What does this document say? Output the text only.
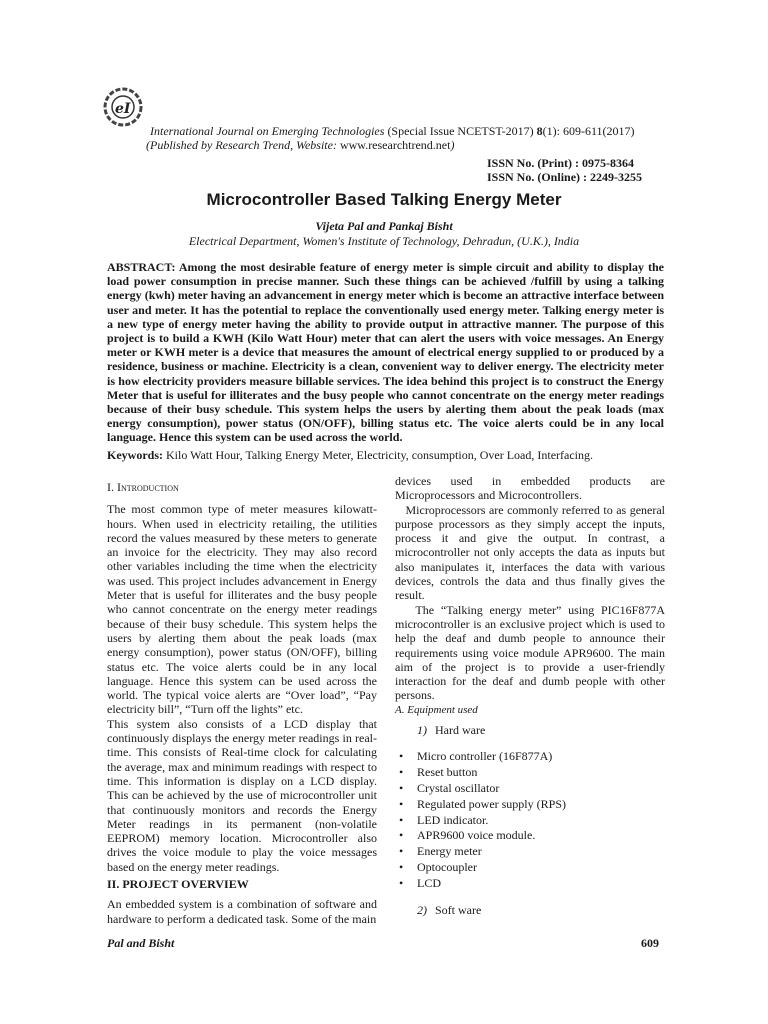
eI
International Journal on Emerging Technologies (Special Issue NCETST-2017) 8(1): 609-611(2017)
(Published by Research Trend, Website: www.researchtrend.net)
ISSN No. (Print) : 0975-8364
ISSN No. (Online) : 2249-3255
Microcontroller Based Talking Energy Meter
Vijeta Pal and Pankaj Bisht
Electrical Department, Women's Institute of Technology, Dehradun, (U.K.), India
ABSTRACT: Among the most desirable feature of energy meter is simple circuit and ability to display the load power consumption in precise manner. Such these things can be achieved /fulfill by using a talking energy (kwh) meter having an advancement in energy meter which is become an attractive interface between user and meter. It has the potential to replace the conventionally used energy meter. Talking energy meter is a new type of energy meter having the ability to provide output in attractive manner. The purpose of this project is to build a KWH (Kilo Watt Hour) meter that can alert the users with voice messages. An Energy meter or KWH meter is a device that measures the amount of electrical energy supplied to or produced by a residence, business or machine. Electricity is a clean, convenient way to deliver energy. The electricity meter is how electricity providers measure billable services. The idea behind this project is to construct the Energy Meter that is useful for illiterates and the busy people who cannot concentrate on the energy meter readings because of their busy schedule. This system helps the users by alerting them about the peak loads (max energy consumption), power status (ON/OFF), billing status etc. The voice alerts could be in any local language. Hence this system can be used across the world.
Keywords: Kilo Watt Hour, Talking Energy Meter, Electricity, consumption, Over Load, Interfacing.

I. Introduction

The most common type of meter measures kilowatt-hours. When used in electricity retailing, the utilities record the values measured by these meters to generate an invoice for the electricity. They may also record other variables including the time when the electricity was used. This project includes advancement in Energy Meter that is useful for illiterates and the busy people who cannot concentrate on the energy meter readings because of their busy schedule. This system helps the users by alerting them about the peak loads (max energy consumption), power status (ON/OFF), billing status etc. The voice alerts could be in any local language. Hence this system can be used across the world. The typical voice alerts are “Over load”, “Pay electricity bill”, “Turn off the lights” etc.

This system also consists of a LCD display that continuously displays the energy meter readings in real-time. This consists of Real-time clock for calculating the average, max and minimum readings with respect to time. This information is display on a LCD display. This can be achieved by the use of microcontroller unit that continuously monitors and records the Energy Meter readings in its permanent (non-volatile EEPROM) memory location. Microcontroller also drives the voice module to play the voice messages based on the energy meter readings.

II. PROJECT OVERVIEW

An embedded system is a combination of software and hardware to perform a dedicated task. Some of the main

devices used in embedded products are Microprocessors and Microcontrollers.

Microprocessors are commonly referred to as general purpose processors as they simply accept the inputs, process it and give the output. In contrast, a microcontroller not only accepts the data as inputs but also manipulates it, interfaces the data with various devices, controls the data and thus finally gives the result.

The “Talking energy meter” using PIC16F877A microcontroller is an exclusive project which is used to help the deaf and dumb people to announce their requirements using voice module APR9600. The main aim of the project is to provide a user-friendly interaction for the deaf and dumb people with other persons.

A. Equipment used

1) Hard ware
• Micro controller (16F877A)
• Reset button
• Crystal oscillator
• Regulated power supply (RPS)
• LED indicator.
• APR9600 voice module.
• Energy meter
• Optocoupler
• LCD
2) Soft ware
Pal and Bisht	609
